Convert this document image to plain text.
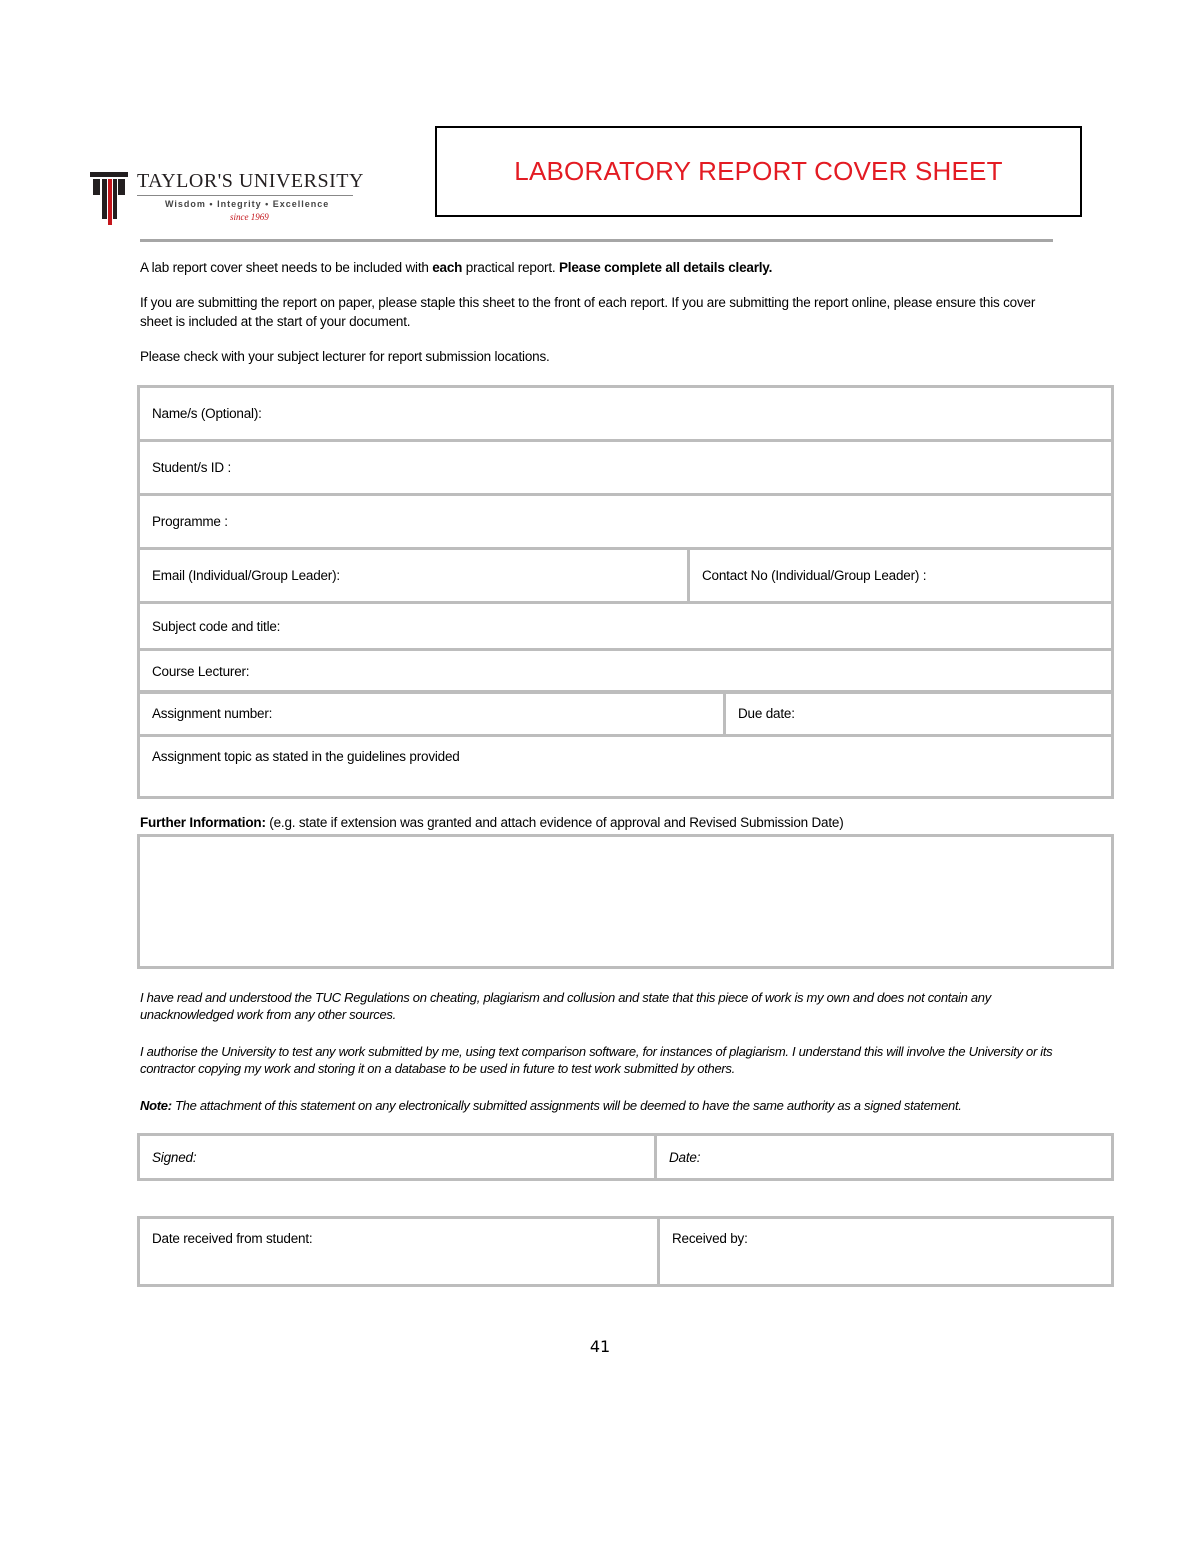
TAYLOR'S UNIVERSITY
Wisdom • Integrity • Excellence
since 1969
LABORATORY REPORT COVER SHEET
A lab report cover sheet needs to be included with each practical report. Please complete all details clearly.
If you are submitting the report on paper, please staple this sheet to the front of each report. If you are submitting the report online, please ensure this cover sheet is included at the start of your document.
Please check with your subject lecturer for report submission locations.
Name/s (Optional):
Student/s ID :
Programme :
Email (Individual/Group Leader):	Contact No (Individual/Group Leader) :
Subject code and title:
Course Lecturer:
Assignment number:	Due date:
Assignment topic as stated in the guidelines provided
Further Information: (e.g. state if extension was granted and attach evidence of approval and Revised Submission Date)
I have read and understood the TUC Regulations on cheating, plagiarism and collusion and state that this piece of work is my own and does not contain any unacknowledged work from any other sources.
I authorise the University to test any work submitted by me, using text comparison software, for instances of plagiarism. I understand this will involve the University or its contractor copying my work and storing it on a database to be used in future to test work submitted by others.
Note: The attachment of this statement on any electronically submitted assignments will be deemed to have the same authority as a signed statement.
Signed:	Date:
Date received from student:	Received by:
41
